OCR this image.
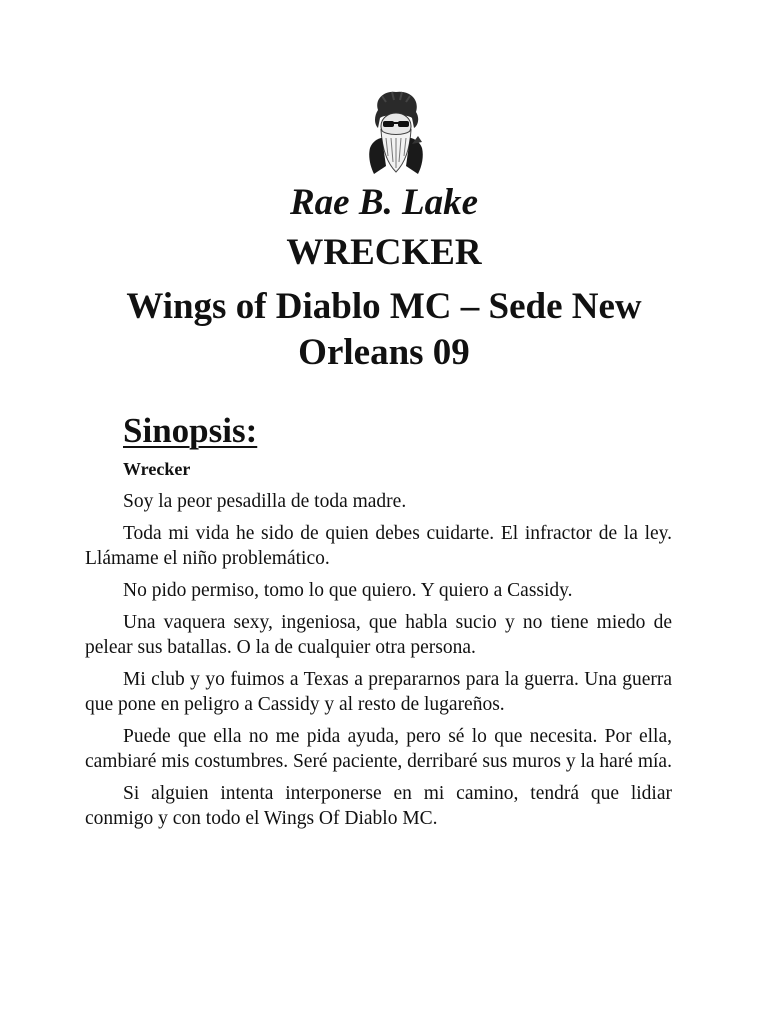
Rae B. Lake
WRECKER
Wings of Diablo MC – Sede New Orleans 09
Sinopsis:

Wrecker

Soy la peor pesadilla de toda madre.

Toda mi vida he sido de quien debes cuidarte. El infractor de la ley. Llámame el niño problemático.

No pido permiso, tomo lo que quiero. Y quiero a Cassidy.

Una vaquera sexy, ingeniosa, que habla sucio y no tiene miedo de pelear sus batallas. O la de cualquier otra persona.

Mi club y yo fuimos a Texas a prepararnos para la guerra. Una guerra que pone en peligro a Cassidy y al resto de lugareños.

Puede que ella no me pida ayuda, pero sé lo que necesita. Por ella, cambiaré mis costumbres. Seré paciente, derribaré sus muros y la haré mía.

Si alguien intenta interponerse en mi camino, tendrá que lidiar conmigo y con todo el Wings Of Diablo MC.
